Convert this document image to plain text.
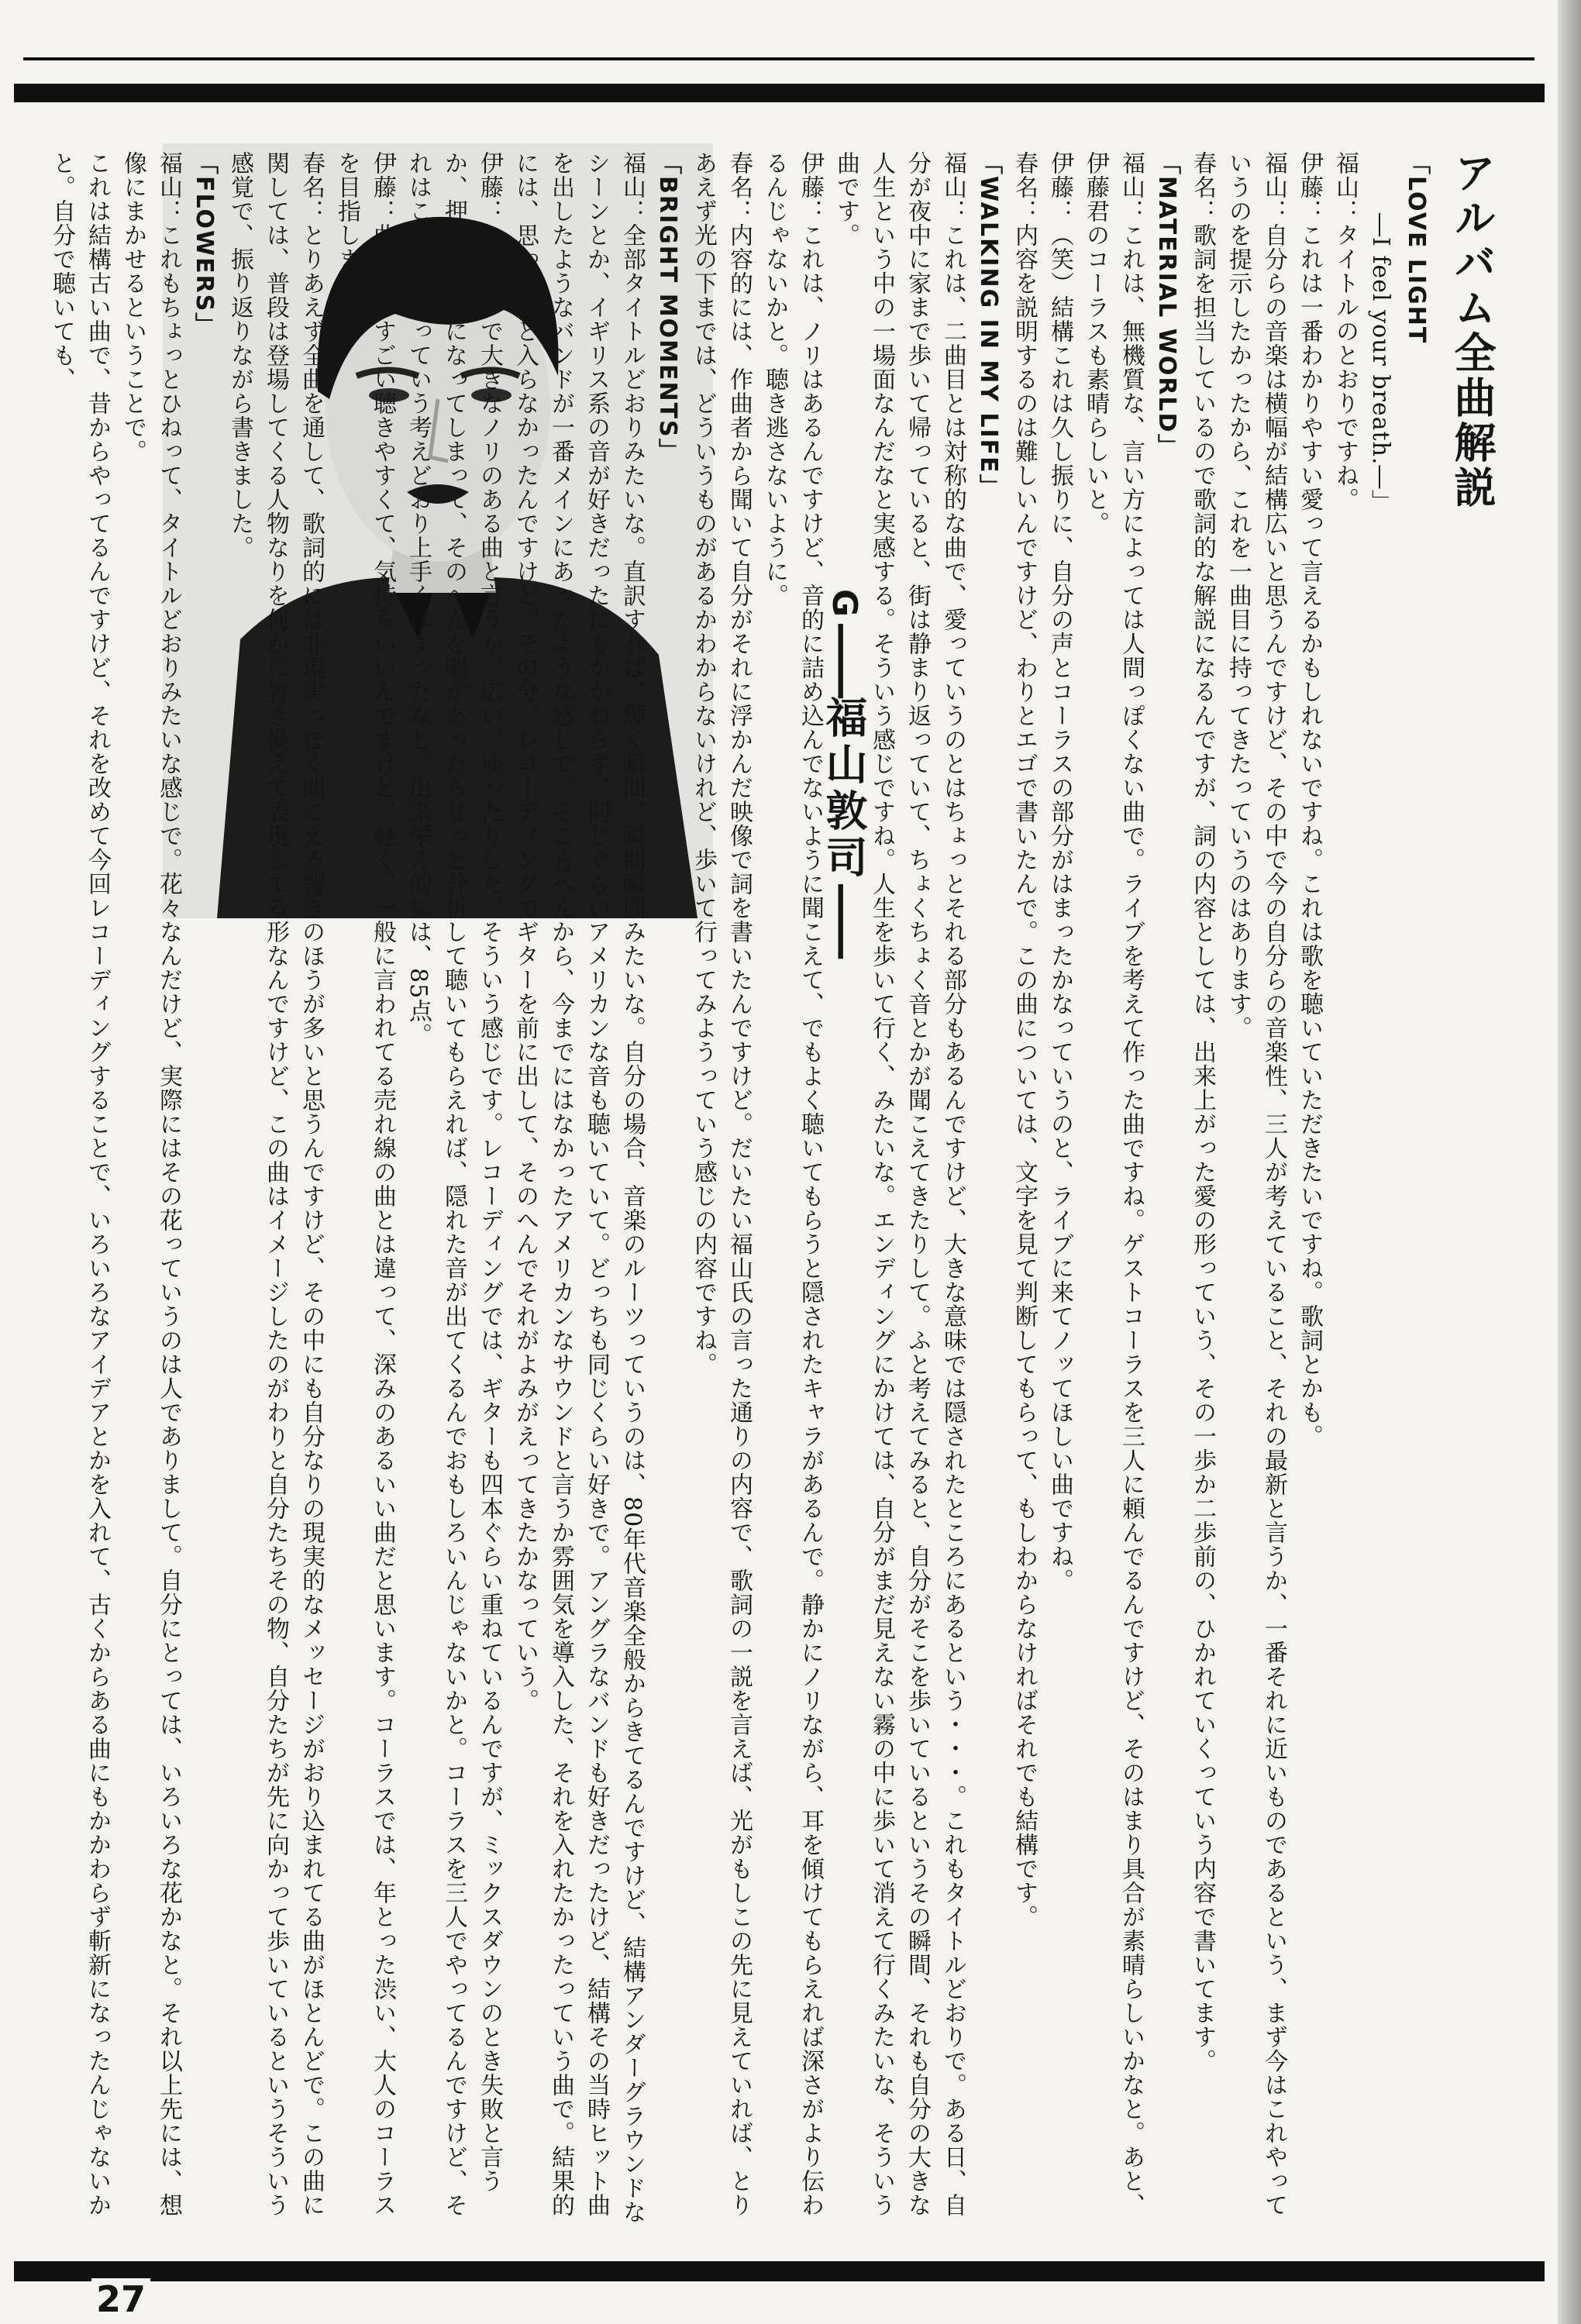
G——福山敦司——
アルバム全曲解説
「LOVE LIGHT
―I feel your breath.―」

福山：タイトルのとおりですね。

伊藤：これは一番わかりやすい愛って言えるかもしれないですね。これは歌を聴いていただきたいですね。歌詞とかも。

福山：自分らの音楽は横幅が結構広いと思うんですけど、その中で今の自分らの音楽性、三人が考えていること、それの最新と言うか、一番それに近いものであるという、まず今はこれやっていうのを提示したかったから、これを一曲目に持ってきたっていうのはあります。

春名：歌詞を担当しているので歌詞的な解説になるんですが、詞の内容としては、出来上がった愛の形っていう、その一歩か二歩前の、ひかれていくっていう内容で書いてます。

「MATERIAL WORLD」

福山：これは、無機質な、言い方によっては人間っぽくない曲で。ライブを考えて作った曲ですね。ゲストコーラスを三人に頼んでるんですけど、そのはまり具合が素晴らしいかなと。あと、伊藤君のコーラスも素晴らしいと。

伊藤：（笑）結構これは久し振りに、自分の声とコーラスの部分がはまったかなっていうのと、ライブに来てノッてほしい曲ですね。

春名：内容を説明するのは難しいんですけど、わりとエゴで書いたんで。この曲については、文字を見て判断してもらって、もしわからなければそれでも結構です。

「WALKING IN MY LIFE」

福山：これは、二曲目とは対称的な曲で、愛っていうのとはちょっとそれる部分もあるんですけど、大きな意味では隠されたところにあるという・・・。これもタイトルどおりで。ある日、自分が夜中に家まで歩いて帰っていると、街は静まり返っていて、ちょくちょく音とかが聞こえてきたりして。ふと考えてみると、自分がそこを歩いているというその瞬間、それも自分の大きな人生という中の一場面なんだなと実感する。そういう感じですね。人生を歩いて行く、みたいな。エンディングにかけては、自分がまだ見えない霧の中に歩いて消えて行くみたいな、そういう曲です。

伊藤：これは、ノリはあるんですけど、音的に詰め込んでないように聞こえて、でもよく聴いてもらうと隠されたキャラがあるんで。静かにノリながら、耳を傾けてもらえれば深さがより伝わるんじゃないかと。聴き逃さないように。

春名：内容的には、作曲者から聞いて自分がそれに浮かんだ映像で詞を書いたんですけど。だいたい福山氏の言った通りの内容で、歌詞の一説を言えば、光がもしこの先に見えていれば、とりあえず光の下までは、どういうものがあるかわからないけれど、歩いて行ってみようっていう感じの内容ですね。

「BRIGHT MOMENTS」

福山：全部タイトルどおりみたいな。直訳すれば、輝く瞬間、瞬間瞬間みたいな。自分の場合、音楽のルーツっていうのは、80年代音楽全般からきてるんですけど、結構アンダーグラウンドなシーンとか、イギリス系の音が好きだったにもかかわらず、同じぐらいアメリカンな音も聴いていて。どっちも同じくらい好きで。アングラなバンドも好きだったけど、結構その当時ヒット曲を出したようなバンドが一番メインにあったような感じで。そこらへんから、今までにはなかったアメリカンなサウンドと言うか雰囲気を導入した、それを入れたかったっていう曲で。結果的には、思ったほど入らなかったんですけど。その分、レコーディングでギターを前に出して、そのへんでそれがよみがえってきたかなっていう。

伊藤：シンプルで大きなノリのある曲と言うか、広い、ゆったりした、そういう感じです。レコーディングでは、ギターも四本ぐらい重ねているんですが、ミックスダウンのとき失敗と言うか、押さえ気味になってしまって、そのへんを暇があったらじっと分析して聴いてもらえれば、隠れた音が出てくるんでおもしろいんじゃないかと。コーラスを三人でやってるんですけど、それはこうしたいっていう考えどおり上手くはまったなと。出来栄え的には、85点。

伊藤：曲的にもすごい聴きやすくて、気持ちいいんですけど、軽く、一般に言われてる売れ線の曲とは違って、深みのあるいい曲だと思います。コーラスでは、年とった渋い、大人のコーラスを目指しました。

春名：とりあえず全曲を通して、歌詞的には非現実っぽく聞こえる響きのほうが多いと思うんですけど、その中にも自分なりの現実的なメッセージがおり込まれてる曲がほとんどで。この曲に関しては、普段は登場してくる人物なりを何かに置き換えて表現してる形なんですけど、この曲はイメージしたのがわりと自分たちその物、自分たちが先に向かって歩いているというそういう感覚で、振り返りながら書きました。

「FLOWERS」

福山：これもちょっとひねって、タイトルどおりみたいな感じで。花々なんだけど、実際にはその花っていうのは人でありまして。自分にとっては、いろいろな花かなと。それ以上先には、想像にまかせるということで。

これは結構古い曲で、昔からやってるんですけど、それを改めて今回レコーディングすることで、いろいろなアイデアとかを入れて、古くからある曲にもかかわらず斬新になったんじゃないかと。自分で聴いても、

27
